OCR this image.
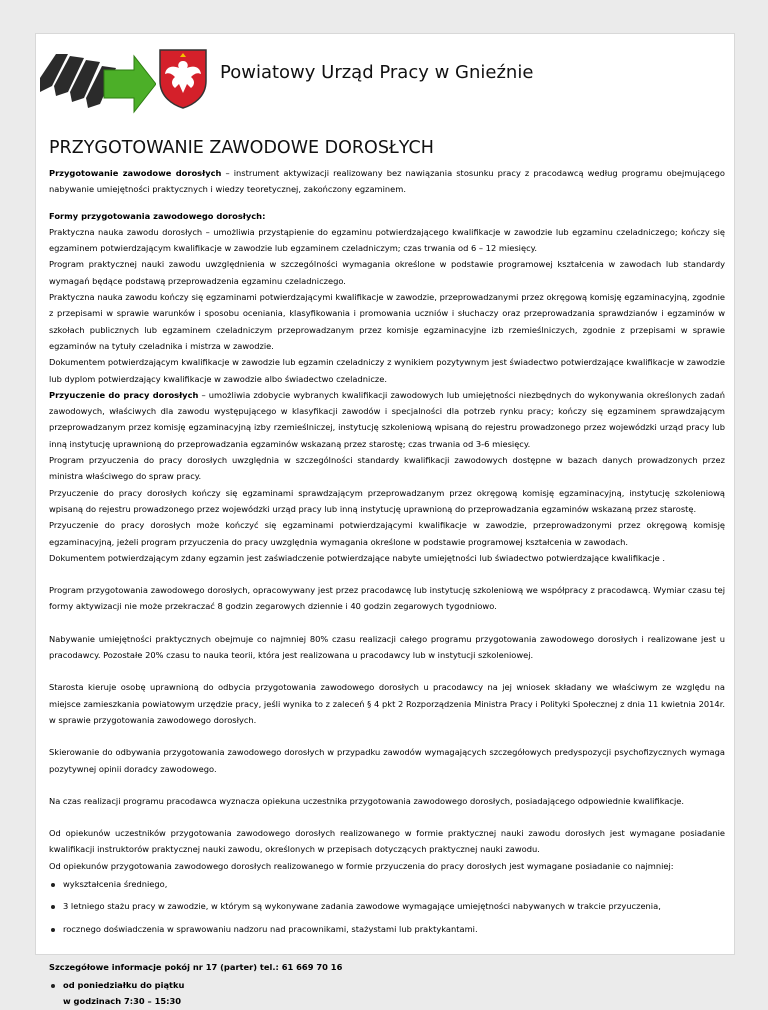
Powiatowy Urząd Pracy w Gnieźnie
PRZYGOTOWANIE ZAWODOWE DOROSŁYCH

Przygotowanie zawodowe dorosłych – instrument aktywizacji realizowany bez nawiązania stosunku pracy z pracodawcą według programu obejmującego nabywanie umiejętności praktycznych i wiedzy teoretycznej, zakończony egzaminem.

Formy przygotowania zawodowego dorosłych:

Praktyczna nauka zawodu dorosłych – umożliwia przystąpienie do egzaminu potwierdzającego kwalifikacje w zawodzie lub egzaminu czeladniczego; kończy się egzaminem potwierdzającym kwalifikacje w zawodzie lub egzaminem czeladniczym; czas trwania od 6 – 12 miesięcy.

Program praktycznej nauki zawodu uwzględnienia w szczególności wymagania określone w podstawie programowej kształcenia w zawodach lub standardy wymagań będące podstawą przeprowadzenia egzaminu czeladniczego.

Praktyczna nauka zawodu kończy się egzaminami potwierdzającymi kwalifikacje w zawodzie, przeprowadzanymi przez okręgową komisję egzaminacyjną, zgodnie z przepisami w sprawie warunków i sposobu oceniania, klasyfikowania i promowania uczniów i słuchaczy oraz przeprowadzania sprawdzianów i egzaminów w szkołach publicznych lub egzaminem czeladniczym przeprowadzanym przez komisje egzaminacyjne izb rzemieślniczych, zgodnie z przepisami w sprawie egzaminów na tytuły czeladnika i mistrza w zawodzie.

Dokumentem potwierdzającym kwalifikacje w zawodzie lub egzamin czeladniczy z wynikiem pozytywnym jest świadectwo potwierdzające kwalifikacje w zawodzie lub dyplom potwierdzający kwalifikacje w zawodzie albo świadectwo czeladnicze.

Przyuczenie do pracy dorosłych – umożliwia zdobycie wybranych kwalifikacji zawodowych lub umiejętności niezbędnych do wykonywania określonych zadań zawodowych, właściwych dla zawodu występującego w klasyfikacji zawodów i specjalności dla potrzeb rynku pracy; kończy się egzaminem sprawdzającym przeprowadzanym przez komisję egzaminacyjną izby rzemieślniczej, instytucję szkoleniową wpisaną do rejestru prowadzonego przez wojewódzki urząd pracy lub inną instytucję uprawnioną do przeprowadzania egzaminów wskazaną przez starostę; czas trwania od 3-6 miesięcy.

Program przyuczenia do pracy dorosłych uwzględnia w szczególności standardy kwalifikacji zawodowych dostępne w bazach danych prowadzonych przez ministra właściwego do spraw pracy.

Przyuczenie do pracy dorosłych kończy się egzaminami sprawdzającym przeprowadzanym przez okręgową komisję egzaminacyjną, instytucję szkoleniową wpisaną do rejestru prowadzonego przez wojewódzki urząd pracy lub inną instytucję uprawnioną do przeprowadzania egzaminów wskazaną przez starostę.

Przyuczenie do pracy dorosłych może kończyć się egzaminami potwierdzającymi kwalifikacje w zawodzie, przeprowadzonymi przez okręgową komisję egzaminacyjną, jeżeli program przyuczenia do pracy uwzględnia wymagania określone w podstawie programowej kształcenia w zawodach.

Dokumentem potwierdzającym zdany egzamin jest zaświadczenie potwierdzające nabyte umiejętności lub świadectwo potwierdzające kwalifikacje .

Program przygotowania zawodowego dorosłych, opracowywany jest przez pracodawcę lub instytucję szkoleniową we współpracy z pracodawcą. Wymiar czasu tej formy aktywizacji nie może przekraczać 8 godzin zegarowych dziennie i 40 godzin zegarowych tygodniowo.

Nabywanie umiejętności praktycznych obejmuje co najmniej 80% czasu realizacji całego programu przygotowania zawodowego dorosłych i realizowane jest u pracodawcy. Pozostałe 20% czasu to nauka teorii, która jest realizowana u pracodawcy lub w instytucji szkoleniowej.

Starosta kieruje osobę uprawnioną do odbycia przygotowania zawodowego dorosłych u pracodawcy na jej wniosek składany we właściwym ze względu na miejsce zamieszkania powiatowym urzędzie pracy, jeśli wynika to z zaleceń § 4 pkt 2 Rozporządzenia Ministra Pracy i Polityki Społecznej z dnia 11 kwietnia 2014r. w sprawie przygotowania zawodowego dorosłych.

Skierowanie do odbywania przygotowania zawodowego dorosłych w przypadku zawodów wymagających szczegółowych predyspozycji psychofizycznych wymaga pozytywnej opinii doradcy zawodowego.

Na czas realizacji programu pracodawca wyznacza opiekuna uczestnika przygotowania zawodowego dorosłych, posiadającego odpowiednie kwalifikacje.

Od opiekunów uczestników przygotowania zawodowego dorosłych realizowanego w formie praktycznej nauki zawodu dorosłych jest wymagane posiadanie kwalifikacji instruktorów praktycznej nauki zawodu, określonych w przepisach dotyczących praktycznej nauki zawodu.

Od opiekunów przygotowania zawodowego dorosłych realizowanego w formie przyuczenia do pracy dorosłych jest wymagane posiadanie co najmniej:

wykształcenia średniego,
3 letniego stażu pracy w zawodzie, w którym są wykonywane zadania zawodowe wymagające umiejętności nabywanych w trakcie przyuczenia,
rocznego doświadczenia w sprawowaniu nadzoru nad pracownikami, stażystami lub praktykantami.

Szczegółowe informacje pokój nr 17 (parter) tel.: 61 669 70 16

od poniedziałku do piątku
w godzinach 7:30 – 15:30
